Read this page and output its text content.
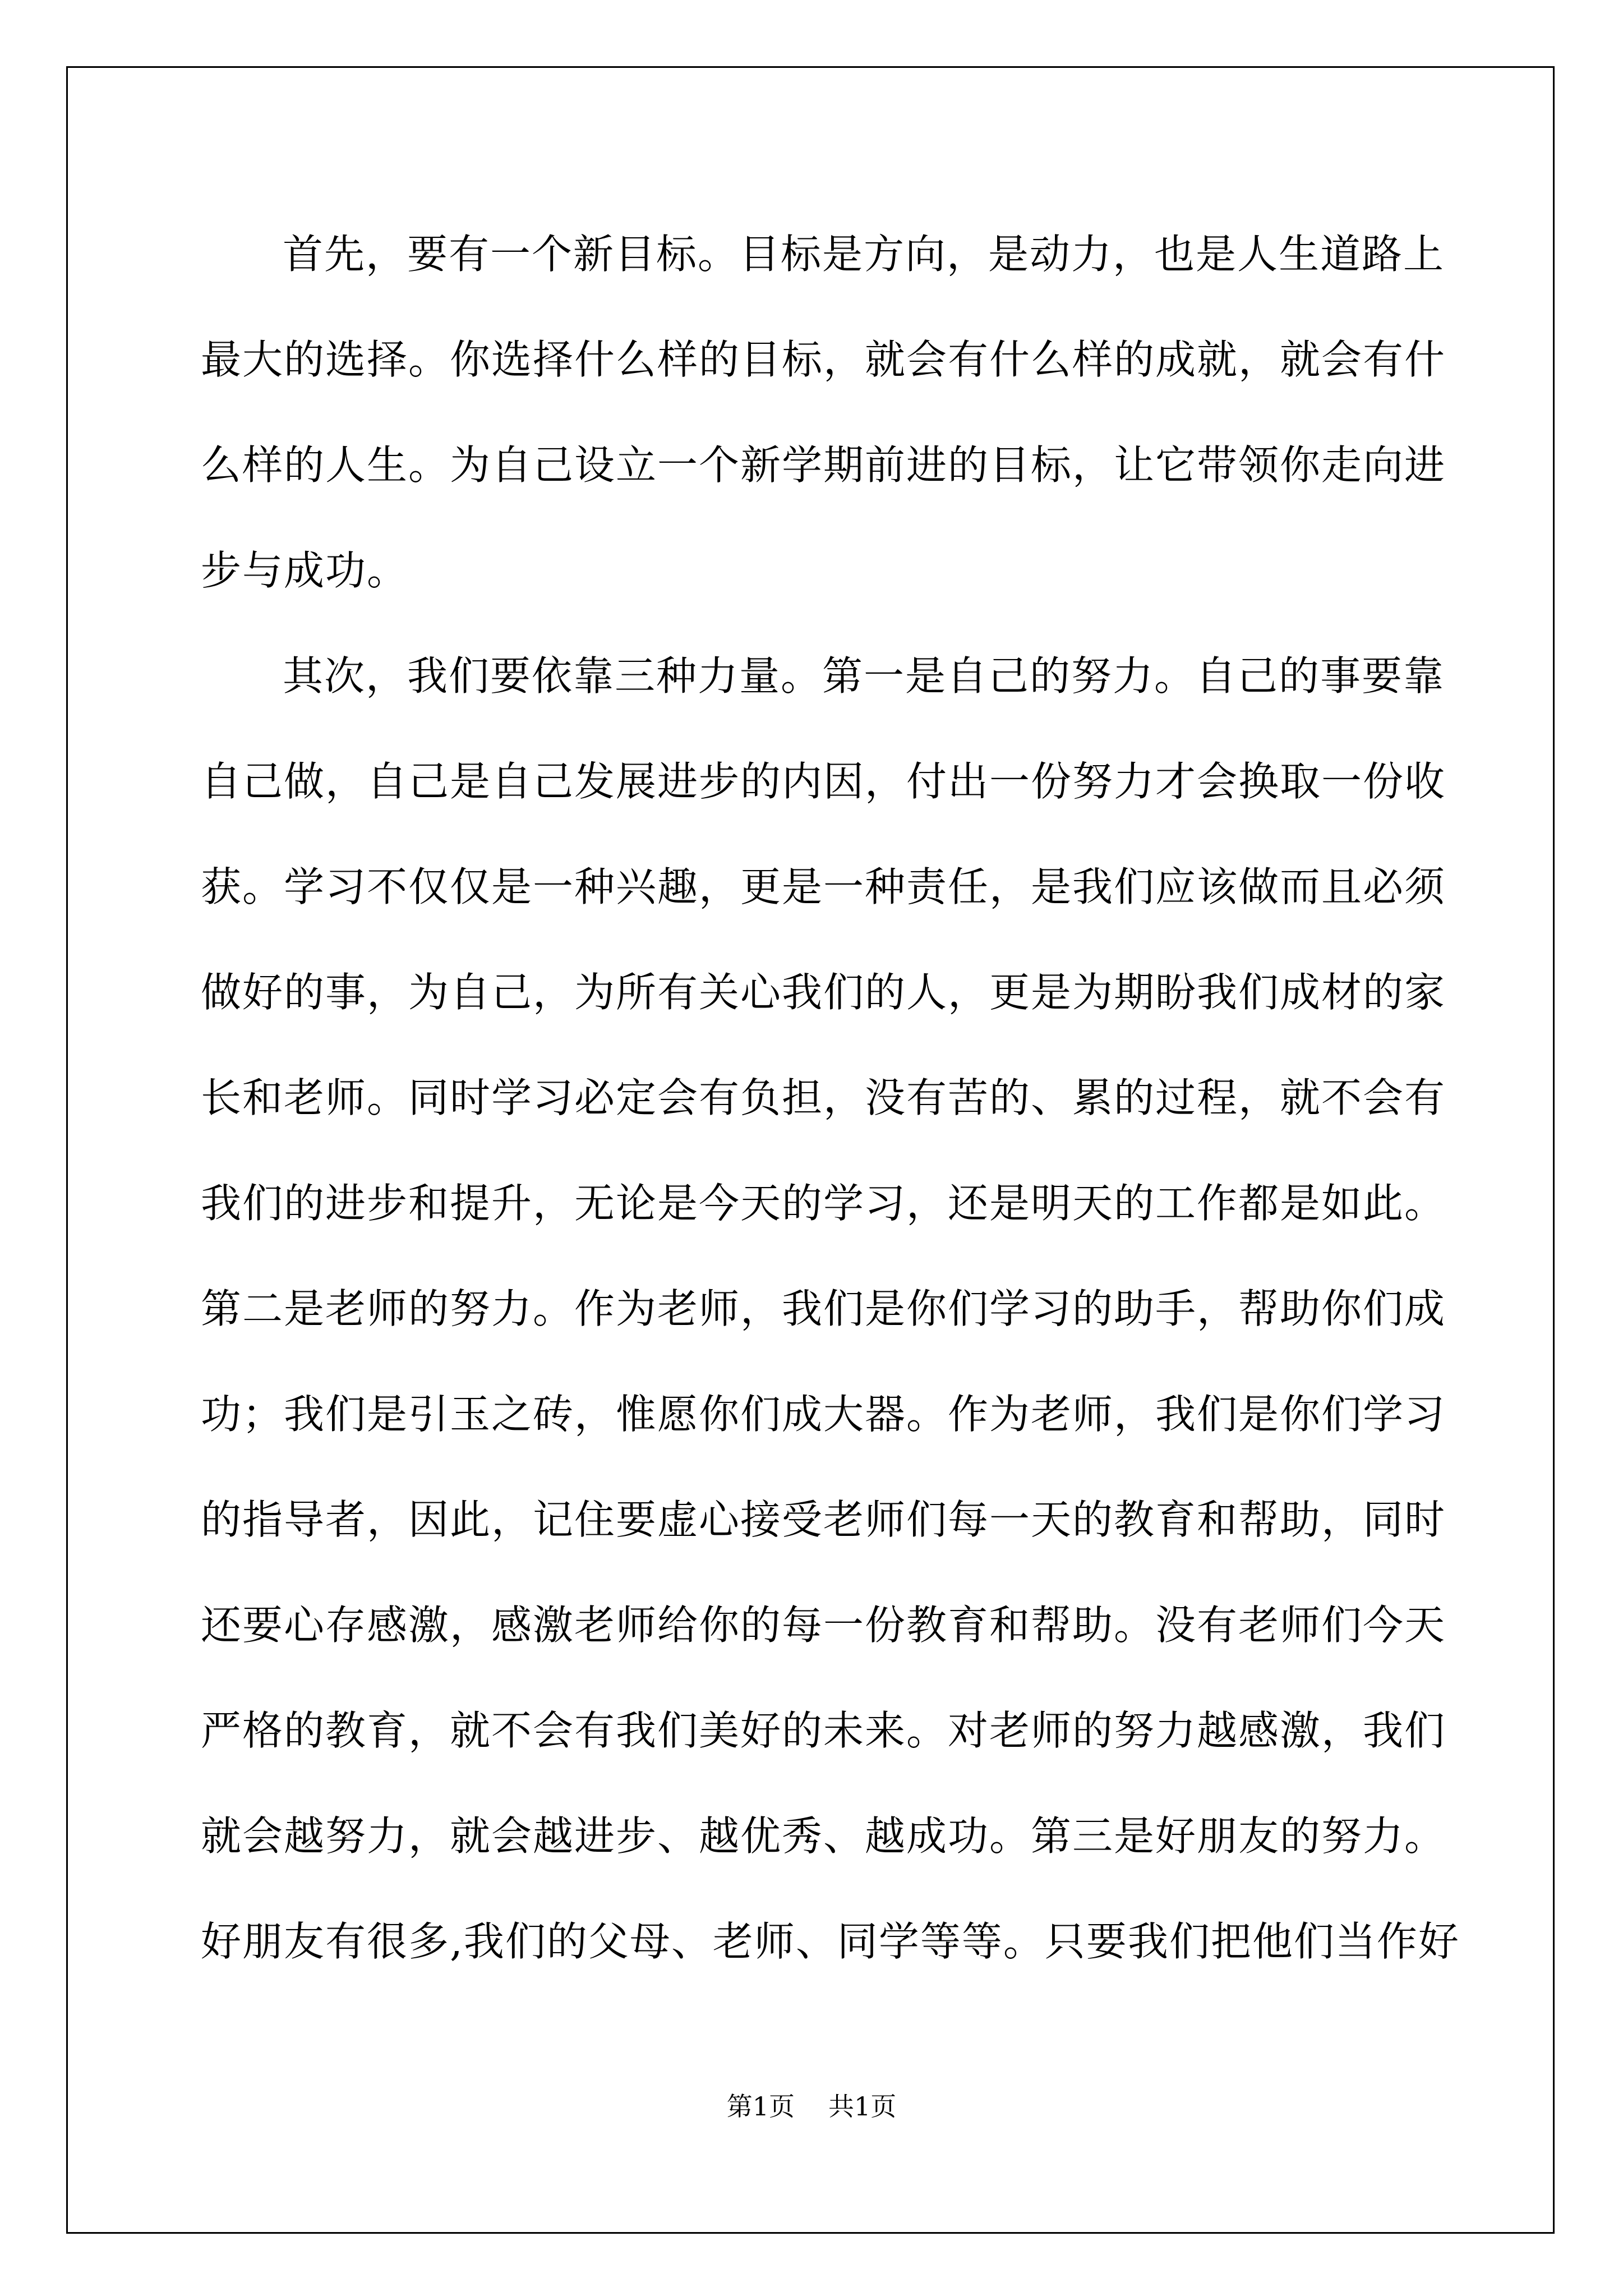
首先，要有一个新目标。目标是方向，是动力，也是人生道路上
最大的选择。你选择什么样的目标，就会有什么样的成就，就会有什
么样的人生。为自己设立一个新学期前进的目标，让它带领你走向进
步与成功。
其次，我们要依靠三种力量。第一是自己的努力。自己的事要靠
自己做，自己是自己发展进步的内因，付出一份努力才会换取一份收
获。学习不仅仅是一种兴趣，更是一种责任，是我们应该做而且必须
做好的事，为自己，为所有关心我们的人，更是为期盼我们成材的家
长和老师。同时学习必定会有负担，没有苦的、累的过程，就不会有
我们的进步和提升，无论是今天的学习，还是明天的工作都是如此。
第二是老师的努力。作为老师，我们是你们学习的助手，帮助你们成
功；我们是引玉之砖，惟愿你们成大器。作为老师，我们是你们学习
的指导者，因此，记住要虚心接受老师们每一天的教育和帮助，同时
还要心存感激，感激老师给你的每一份教育和帮助。没有老师们今天
严格的教育，就不会有我们美好的未来。对老师的努力越感激，我们
就会越努力，就会越进步、越优秀、越成功。第三是好朋友的努力。
好朋友有很多,我们的父母、老师、同学等等。只要我们把他们当作好
第1页 共1页
